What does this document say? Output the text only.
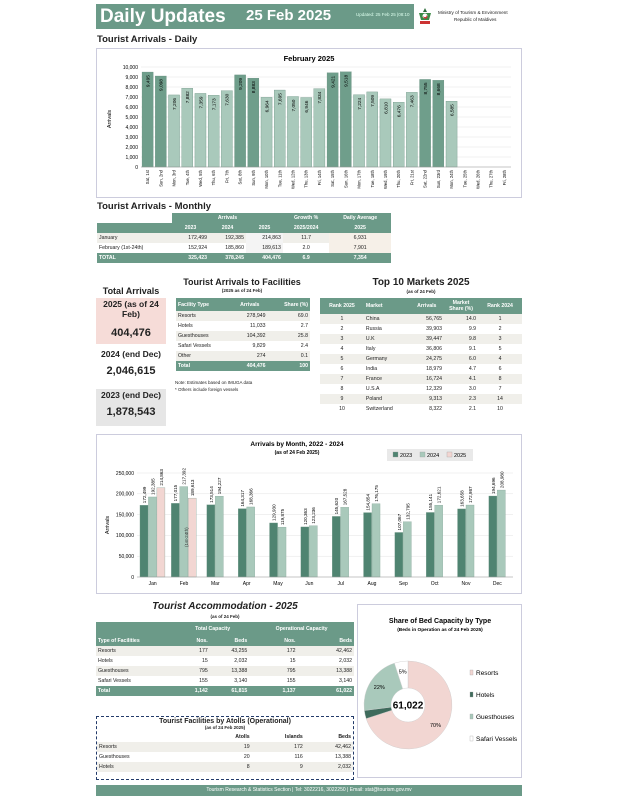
Daily Updates 25 Feb 2025	Updated: 25 Feb 25 |08:10	Ministry of Tourism & Environment
Republic of Maldives
Tourist Arrivals - Daily
February 2025
Arrivals
0
1,000
2,000
3,000
4,000
5,000
6,000
7,000
8,000
9,000
10,000
9,495
Sat, 1st
9,098
Sun, 2nd
7,206
Mon, 3rd
7,882
Tue, 4th
7,359
Wed, 5th
7,173
Thu, 6th
7,630
Fri, 7th
9,209
Sat, 8th
8,883
Sun, 9th
6,964
Mon, 10th
7,695
Tue, 11th
7,050
Wed, 12th
6,946
Thu, 13th
7,834
Fri, 14th
9,421
Sat, 15th
9,518
Sun, 16th
7,224
Mon, 17th
7,509
Tue, 18th
6,810
Wed, 19th
6,476
Thu, 20th
7,463
Fri, 21st
8,755
Sat, 22nd
8,668
Sun, 23rd
6,585
Mon, 24th Tue, 25th Wed, 26th Thu, 27th Fri, 28th
Tourist Arrivals - Monthly
	Arrivals			Growth %	Daily Average
	2023	2024	2025	2025/2024	2025
January	172,499	192,385	214,863	11.7	6,931
February (1st-24th)	152,924	185,860	189,613	2.0	7,901
TOTAL	325,423	378,245	404,476	6.9	7,354
Total Arrivals
2025 (as of 24 Feb)
404,476
2024 (end Dec)
2,046,615
2023 (end Dec)
1,878,543
Tourist Arrivals to Facilities
(2025 as of 24 Feb)
Facility Type	Arrivals	Share (%)
Resorts	278,949	69.0
Hotels	11,033	2.7
Guesthouses	104,392	25.8
Safari Vessels	9,829	2.4
Other	274	0.1
Total	404,476	100
Note: Estimates based on IMUGA data
* Others include foreign vessels
Top 10 Markets 2025
(as of 24 Feb)
Rank 2025	Market	Arrivals	Market Share (%)	Rank 2024
1	China	56,765	14.0	1
2	Russia	39,903	9.9	2
3	U.K	39,447	9.8	3
4	Italy	36,806	9.1	5
5	Germany	24,275	6.0	4
6	India	18,979	4.7	6
7	France	16,724	4.1	8
8	U.S.A	12,329	3.0	7
9	Poland	9,313	2.3	14
10	Switzerland	8,322	2.1	10
Arrivals by Month, 2022 - 2024
(as of 24 Feb 2025)	2023	2024	2025
Arrivals
0
50,000
100,000
150,000
200,000
250,000
172,499 192,385
214,863
Jan
177,015
217,392
189,613
Feb
173,514
194,227
Mar
164,317 168,366
Apr
129,930 119,875
May
120,363 123,236
Jun
145,620
167,528
Jul
154,854
176,175
Aug
107,067
132,795
Sep
155,141 172,621
Oct
163,658 172,987
Nov
194,696 208,980
Dec
(1st-24th)
Tourist Accommodation - 2025
(as of 24 Feb)
	Total Capacity		Operational Capacity	
Type of Facilities	Nos.	Beds	Nos.	Beds
Resorts	177	43,255	172	42,462
Hotels	15	2,032	15	2,032
Guesthouses	795	13,388	795	13,388
Safari Vessels	155	3,140	155	3,140
Total	1,142	61,815	1,137	61,022
Tourist Facilities by Atolls (Operational)
(as of 24 Feb 2025)
	Atolls	Islands	Beds
Resorts	19	172	42,462
Guesthouses	20	116	13,388
Hotels	8	9	2,032
Share of Bed Capacity by Type
(Beds in Operation as of 24 Feb 2025)
70%
22%
5%
61,022
Resorts
Hotels
Guesthouses
Safari Vessels
Tourism Research & Statistics Section | Tel: 3022216, 3022250 | Email: stat@tourism.gov.mv
